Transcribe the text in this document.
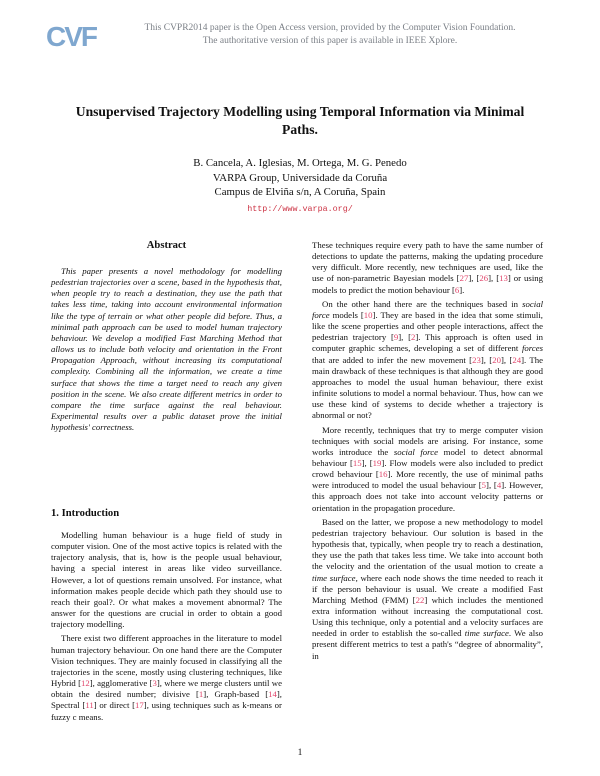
CVF	This CVPR2014 paper is the Open Access version, provided by the Computer Vision Foundation.
The authoritative version of this paper is available in IEEE Xplore.
Unsupervised Trajectory Modelling using Temporal Information via Minimal
Paths.
B. Cancela, A. Iglesias, M. Ortega, M. G. Penedo
VARPA Group, Universidade da Coruña
Campus de Elviña s/n, A Coruña, Spain
http://www.varpa.org/
Abstract

This paper presents a novel methodology for modelling pedestrian trajectories over a scene, based in the hypothesis that, when people try to reach a destination, they use the path that takes less time, taking into account environmental information like the type of terrain or what other people did before. Thus, a minimal path approach can be used to model human trajectory behaviour. We develop a modified Fast Marching Method that allows us to include both velocity and orientation in the Front Propagation Approach, without increasing its computational complexity. Combining all the information, we create a time surface that shows the time a target need to reach any given position in the scene. We also create different metrics in order to compare the time surface against the real behaviour. Experimental results over a public dataset prove the initial hypothesis' correctness.

1. Introduction

Modelling human behaviour is a huge field of study in computer vision. One of the most active topics is related with the trajectory analysis, that is, how is the people usual behaviour, having a special interest in areas like video surveillance. However, a lot of questions remain unsolved. For instance, what information makes people decide which path they should use to reach their goal?. Or what makes a movement abnormal? The answer for the questions are crucial in order to obtain a good trajectory modelling.

There exist two different approaches in the literature to model human trajectory behaviour. On one hand there are the Computer Vision techniques. They are mainly focused in classifying all the trajectories in the scene, mostly using clustering techniques, like Hybrid [12], agglomerative [3], where we merge clusters until we obtain the desired number; divisive [1], Graph-based [14], Spectral [11] or direct [17], using techniques such as k-means or fuzzy c means.

These techniques require every path to have the same number of detections to update the patterns, making the updating procedure very difficult. More recently, new techniques are used, like the use of non-parametric Bayesian models [27], [26], [13] or using models to predict the motion behaviour [6].

On the other hand there are the techniques based in social force models [10]. They are based in the idea that some stimuli, like the scene properties and other people interactions, affect the pedestrian trajectory [9], [2]. This approach is often used in computer graphic schemes, developing a set of different forces that are added to infer the new movement [23], [20], [24]. The main drawback of these techniques is that although they are good approaches to model the usual human behaviour, there exist infinite solutions to model a normal behaviour. Thus, how can we use these kind of systems to decide whether a trajectory is abnormal or not?

More recently, techniques that try to merge computer vision techniques with social models are arising. For instance, some works introduce the social force model to detect abnormal behaviour [15], [19]. Flow models were also included to predict crowd behaviour [16]. More recently, the use of minimal paths were introduced to model the usual behaviour [5], [4]. However, this approach does not take into account velocity patterns or orientation in the propagation procedure.

Based on the latter, we propose a new methodology to model pedestrian trajectory behaviour. Our solution is based in the hypothesis that, typically, when people try to reach a destination, they use the path that takes less time. We take into account both the velocity and the orientation of the usual motion to create a time surface, where each node shows the time needed to reach it if the person behaviour is usual. We create a modified Fast Marching Method (FMM) [22] which includes the mentioned extra information without increasing the computational cost. Using this technique, only a potential and a velocity surfaces are needed in order to establish the so-called time surface. We also present different metrics to test a path's “degree of abnormality”, in

1
